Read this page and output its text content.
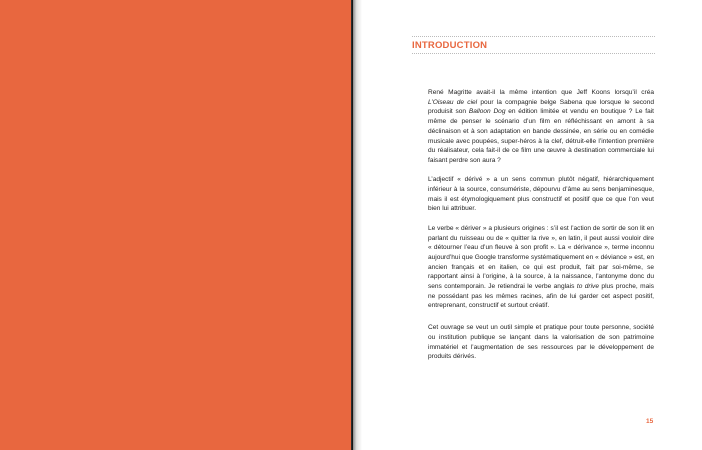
INTRODUCTION

René Magritte avait-il la même intention que Jeff Koons lorsqu’il créa L’Oiseau de ciel pour la compagnie belge Sabena que lorsque le second produisit son Balloon Dog en édition limitée et vendu en boutique ? Le fait même de penser le scénario d’un film en réfléchissant en amont à sa déclinaison et à son adaptation en bande dessinée, en série ou en comédie musicale avec poupées, super-héros à la clef, détruit-elle l’intention première du réalisateur, cela fait-il de ce film une œuvre à destination commerciale lui faisant perdre son aura ?

L’adjectif « dérivé » a un sens commun plutôt négatif, hiérarchiquement inférieur à la source, consumériste, dépourvu d’âme au sens benjaminesque, mais il est étymologiquement plus constructif et positif que ce que l’on veut bien lui attribuer.

Le verbe « dériver » a plusieurs origines : s’il est l’action de sortir de son lit en parlant du ruisseau ou de « quitter la rive », en latin, il peut aussi vouloir dire « détourner l’eau d’un fleuve à son profit ». La « dérivance », terme inconnu aujourd’hui que Google transforme systématiquement en « déviance » est, en ancien français et en italien, ce qui est produit, fait par soi-même, se rapportant ainsi à l’origine, à la source, à la naissance, l’antonyme donc du sens contemporain. Je retiendrai le verbe anglais to drive plus proche, mais ne possédant pas les mêmes racines, afin de lui garder cet aspect positif, entreprenant, constructif et surtout créatif.

Cet ouvrage se veut un outil simple et pratique pour toute personne, société ou institution publique se lançant dans la valorisation de son patrimoine immatériel et l’augmentation de ses ressources par le développement de produits dérivés.

15
